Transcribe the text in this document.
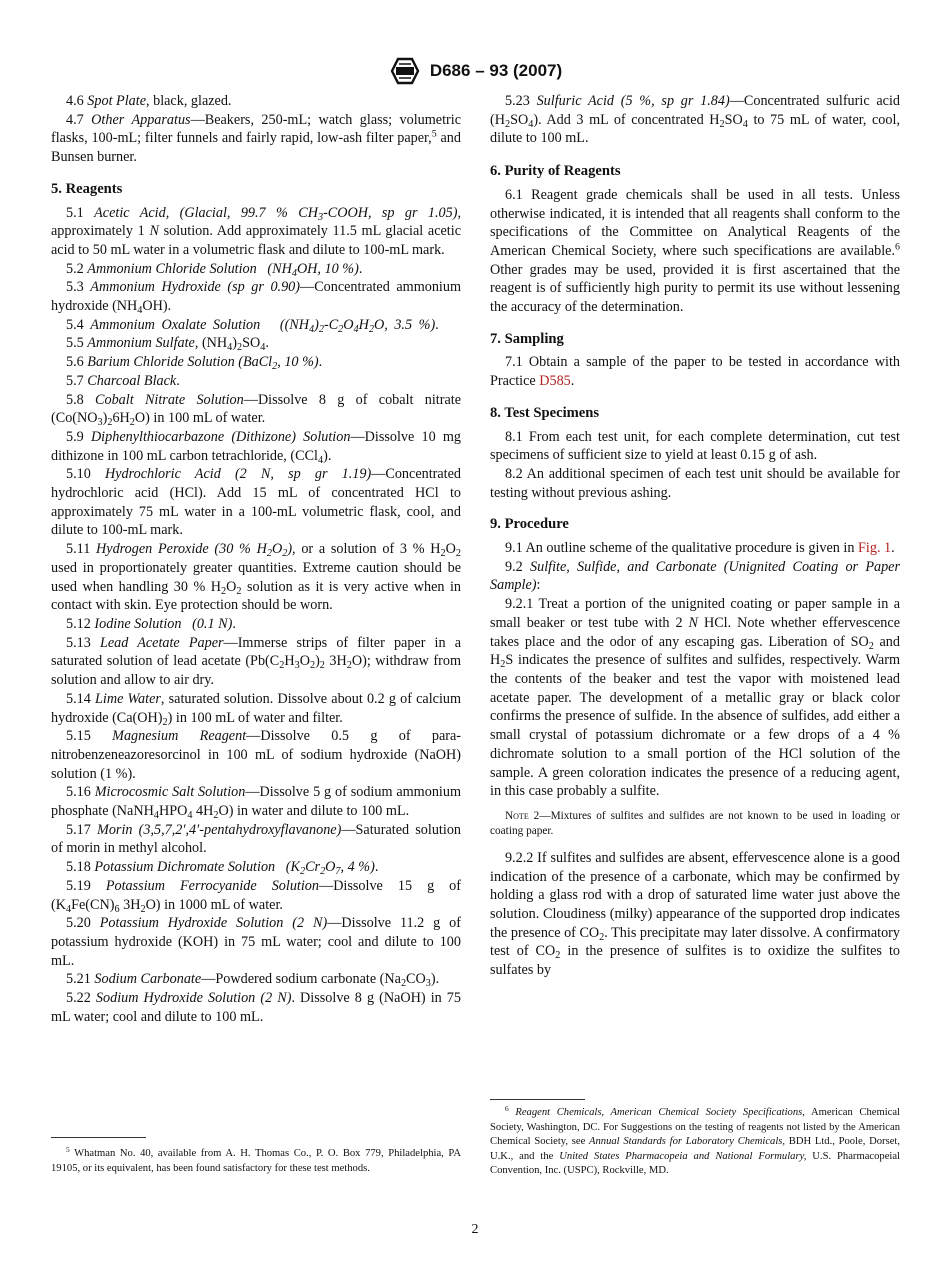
D686 – 93 (2007)

4.6 Spot Plate, black, glazed.

4.7 Other Apparatus—Beakers, 250-mL; watch glass; volumetric flasks, 100-mL; filter funnels and fairly rapid, low-ash filter paper,$^5$ and Bunsen burner.

5. Reagents

5.1 Acetic Acid, (Glacial, 99.7 % $CH_3$-COOH, sp gr 1.05), approximately 1 N solution. Add approximately 11.5 mL glacial acetic acid to 50 mL water in a volumetric flask and dilute to 100-mL mark.

5.2 Ammonium Chloride Solution ($NH_4OH$, 10 %).

5.3 Ammonium Hydroxide (sp gr 0.90)—Concentrated ammonium hydroxide $(NH_4OH)$.

5.4 Ammonium Oxalate Solution ($(NH_4)_2-C_2O_4H_2O$, 3.5 %).

5.5 Ammonium Sulfate, $(NH_4)_2SO_4$.

5.6 Barium Chloride Solution (BaCl$_2$, 10 %).

5.7 Charcoal Black.

5.8 Cobalt Nitrate Solution—Dissolve 8 g of cobalt nitrate $(Co(NO_3)_26H_2O)$ in 100 mL of water.

5.9 Diphenylthiocarbazone (Dithizone) Solution—Dissolve 10 mg dithizone in 100 mL carbon tetrachloride, (CCl$_4$).

5.10 Hydrochloric Acid (2 N, sp gr 1.19)—Concentrated hydrochloric acid (HCl). Add 15 mL of concentrated HCl to approximately 75 mL water in a 100-mL volumetric flask, cool, and dilute to 100-mL mark.

5.11 Hydrogen Peroxide (30 % $H_2O_2$), or a solution of 3 % $H_2O_2$ used in proportionately greater quantities. Extreme caution should be used when handling 30 % $H_2O_2$ solution as it is very active when in contact with skin. Eye protection should be worn.

5.12 Iodine Solution (0.1 N).

5.13 Lead Acetate Paper—Immerse strips of filter paper in a saturated solution of lead acetate ($Pb(C_2H_3O_2)_2$ $3H_2O$); withdraw from solution and allow to air dry.

5.14 Lime Water, saturated solution. Dissolve about 0.2 g of calcium hydroxide $(Ca(OH)_2)$ in 100 mL of water and filter.

5.15 Magnesium Reagent—Dissolve 0.5 g of para-nitrobenzeneazoresorcinol in 100 mL of sodium hydroxide (NaOH) solution (1 %).

5.16 Microcosmic Salt Solution—Dissolve 5 g of sodium ammonium phosphate ($NaNH_4HPO_4$ $4H_2O$) in water and dilute to 100 mL.

5.17 Morin (3,5,7,2′,4′-pentahydroxyflavanone)—Saturated solution of morin in methyl alcohol.

5.18 Potassium Dichromate Solution ($K_2Cr_2O_7$, 4 %).

5.19 Potassium Ferrocyanide Solution—Dissolve 15 g of ($K_4Fe(CN)_6$ $3H_2O$) in 1000 mL of water.

5.20 Potassium Hydroxide Solution (2 N)—Dissolve 11.2 g of potassium hydroxide (KOH) in 75 mL water; cool and dilute to 100 mL.

5.21 Sodium Carbonate—Powdered sodium carbonate $(Na_2CO_3)$.

5.22 Sodium Hydroxide Solution (2 N). Dissolve 8 g (NaOH) in 75 mL water; cool and dilute to 100 mL.

5.23 Sulfuric Acid (5 %, sp gr 1.84)—Concentrated sulfuric acid $(H_2SO_4)$. Add 3 mL of concentrated $H_2SO_4$ to 75 mL of water, cool, dilute to 100 mL.

6. Purity of Reagents

6.1 Reagent grade chemicals shall be used in all tests. Unless otherwise indicated, it is intended that all reagents shall conform to the specifications of the Committee on Analytical Reagents of the American Chemical Society, where such specifications are available.$^6$ Other grades may be used, provided it is first ascertained that the reagent is of sufficiently high purity to permit its use without lessening the accuracy of the determination.

7. Sampling

7.1 Obtain a sample of the paper to be tested in accordance with Practice D585.

8. Test Specimens

8.1 From each test unit, for each complete determination, cut test specimens of sufficient size to yield at least 0.15 g of ash.

8.2 An additional specimen of each test unit should be available for testing without previous ashing.

9. Procedure

9.1 An outline scheme of the qualitative procedure is given in Fig. 1.

9.2 Sulfite, Sulfide, and Carbonate (Unignited Coating or Paper Sample):

9.2.1 Treat a portion of the unignited coating or paper sample in a small beaker or test tube with 2 N HCl. Note whether effervescence takes place and the odor of any escaping gas. Liberation of $SO_2$ and $H_2S$ indicates the presence of sulfites and sulfides, respectively. Warm the contents of the beaker and test the vapor with moistened lead acetate paper. The development of a metallic gray or black color confirms the presence of sulfide. In the absence of sulfides, add either a small crystal of potassium dichromate or a few drops of a 4 % dichromate solution to a small portion of the HCl solution of the sample. A green coloration indicates the presence of a reducing agent, in this case probably a sulfite.

Note 2—Mixtures of sulfites and sulfides are not known to be used in loading or coating paper.

9.2.2 If sulfites and sulfides are absent, effervescence alone is a good indication of the presence of a carbonate, which may be confirmed by holding a glass rod with a drop of saturated lime water just above the solution. Cloudiness (milky) appearance of the supported drop indicates the presence of $CO_2$. This precipitate may later dissolve. A confirmatory test of $CO_2$ in the presence of sulfites is to oxidize the sulfites to sulfates by

$^5$ Whatman No. 40, available from A. H. Thomas Co., P. O. Box 779, Philadelphia, PA 19105, or its equivalent, has been found satisfactory for these test methods.

$^6$ Reagent Chemicals, American Chemical Society Specifications, American Chemical Society, Washington, DC. For Suggestions on the testing of reagents not listed by the American Chemical Society, see Annual Standards for Laboratory Chemicals, BDH Ltd., Poole, Dorset, U.K., and the United States Pharmacopeia and National Formulary, U.S. Pharmacopeial Convention, Inc. (USPC), Rockville, MD.

2
